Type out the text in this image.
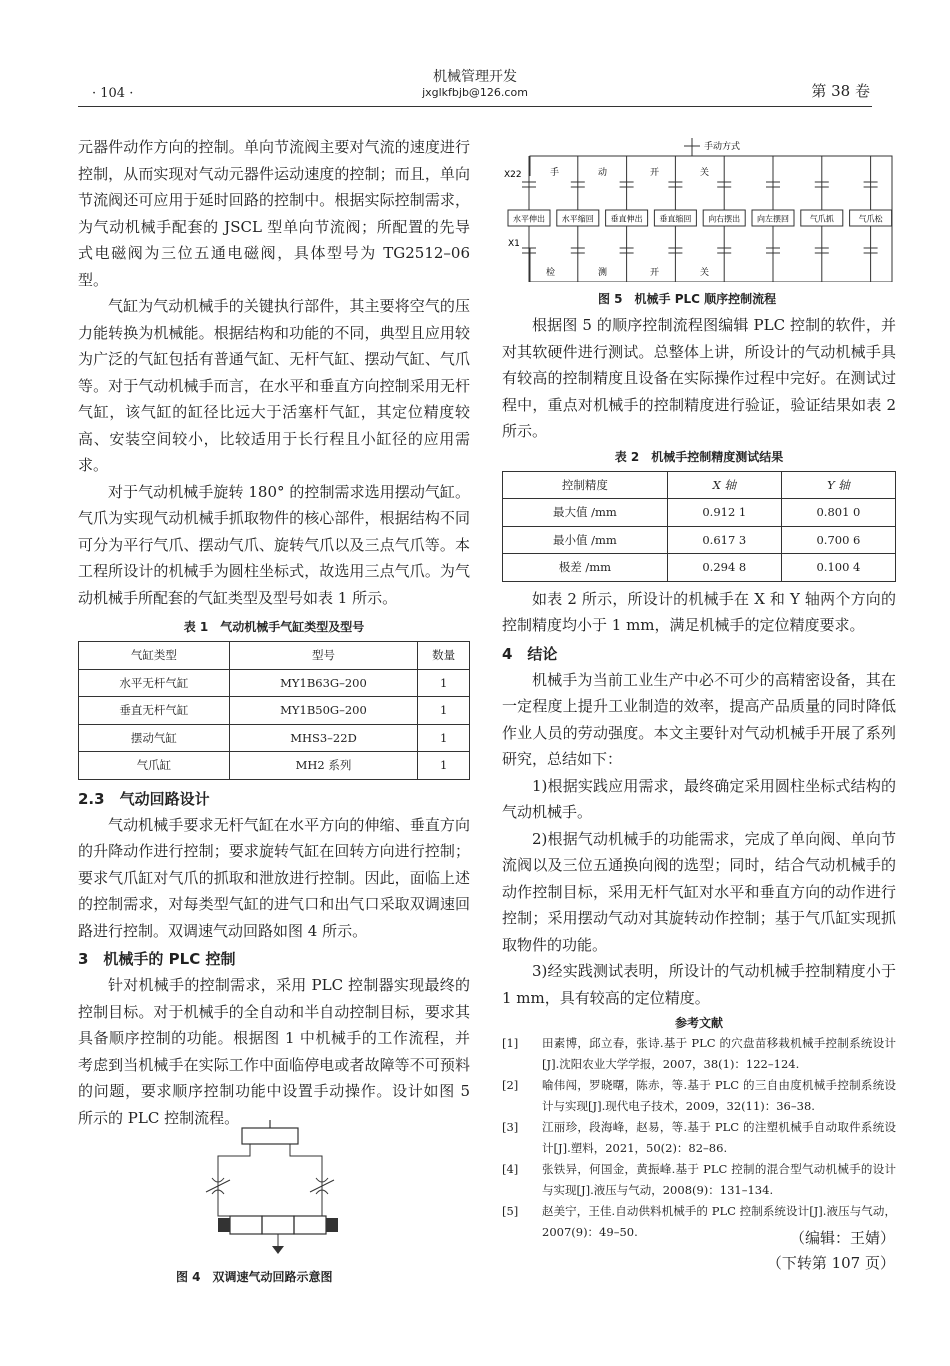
· 104 ·
机械管理开发
jxglkfbjb@126.com	第 38 卷

元器件动作方向的控制。单向节流阀主要对气流的速度进行控制，从而实现对气动元器件运动速度的控制；而且，单向节流阀还可应用于延时回路的控制中。根据实际控制需求，为气动机械手配套的 JSCL 型单向节流阀；所配置的先导式电磁阀为三位五通电磁阀，具体型号为 TG2512–06 型。

气缸为气动机械手的关键执行部件，其主要将空气的压力能转换为机械能。根据结构和功能的不同，典型且应用较为广泛的气缸包括有普通气缸、无杆气缸、摆动气缸、气爪等。对于气动机械手而言，在水平和垂直方向控制采用无杆气缸，该气缸的缸径比远大于活塞杆气缸，其定位精度较高、安装空间较小，比较适用于长行程且小缸径的应用需求。

对于气动机械手旋转 180° 的控制需求选用摆动气缸。气爪为实现气动机械手抓取物件的核心部件，根据结构不同可分为平行气爪、摆动气爪、旋转气爪以及三点气爪等。本工程所设计的机械手为圆柱坐标式，故选用三点气爪。为气动机械手所配套的气缸类型及型号如表 1 所示。

表 1　气动机械手气缸类型及型号
气缸类型	型号	数量
水平无杆气缸	MY1B63G–200	1
垂直无杆气缸	MY1B50G–200	1
摆动气缸	MHS3–22D	1
气爪缸	MH2 系列	1
2.3　气动回路设计

气动机械手要求无杆气缸在水平方向的伸缩、垂直方向的升降动作进行控制；要求旋转气缸在回转方向进行控制；要求气爪缸对气爪的抓取和泄放进行控制。因此，面临上述的控制需求，对每类型气缸的进气口和出气口采取双调速回路进行控制。双调速气动回路如图 4 所示。

3　机械手的 PLC 控制

针对机械手的控制需求，采用 PLC 控制器实现最终的控制目标。对于机械手的全自动和半自动控制目标，要求其具备顺序控制的功能。根据图 1 中机械手的工作流程，并考虑到当机械手在实际工作中面临停电或者故障等不可预料的问题，要求顺序控制功能中设置手动操作。设计如图 5 所示的 PLC 控制流程。

图 4　双调速气动回路示意图
手动方式
X22
X1
手	动	开	关
检	测	开	关
水平伸出 水平缩回 垂直伸出 垂直缩回 向右摆出 向左摆回	气爪抓	气爪松
图 5　机械手 PLC 顺序控制流程

根据图 5 的顺序控制流程图编辑 PLC 控制的软件，并对其软硬件进行测试。总整体上讲，所设计的气动机械手具有较高的控制精度且设备在实际操作过程中完好。在测试过程中，重点对机械手的控制精度进行验证，验证结果如表 2 所示。

表 2　机械手控制精度测试结果
控制精度	X 轴	Y 轴
最大值 /mm	0.912 1	0.801 0
最小值 /mm	0.617 3	0.700 6
极差 /mm	0.294 8	0.100 4

如表 2 所示，所设计的机械手在 X 和 Y 轴两个方向的控制精度均小于 1 mm，满足机械手的定位精度要求。

4　结论

机械手为当前工业生产中必不可少的高精密设备，其在一定程度上提升工业制造的效率，提高产品质量的同时降低作业人员的劳动强度。本文主要针对气动机械手开展了系列研究，总结如下：

1)根据实践应用需求，最终确定采用圆柱坐标式结构的气动机械手。

2)根据气动机械手的功能需求，完成了单向阀、单向节流阀以及三位五通换向阀的选型；同时，结合气动机械手的动作控制目标，采用无杆气缸对水平和垂直方向的动作进行控制；采用摆动气动对其旋转动作控制；基于气爪缸实现抓取物件的功能。

3)经实践测试表明，所设计的气动机械手控制精度小于 1 mm，具有较高的定位精度。

参考文献
[1]	田素博，邱立春，张诗.基于 PLC 的穴盘苗移栽机械手控制系统设计[J].沈阳农业大学学报，2007，38(1)：122–124.
[2]	喻伟闯，罗晓曙，陈赤，等.基于 PLC 的三自由度机械手控制系统设计与实现[J].现代电子技术，2009，32(11)：36–38.
[3]	江丽珍，段海峰，赵易，等.基于 PLC 的注塑机械手自动取件系统设计[J].塑料，2021，50(2)：82–86.
[4]	张铁异，何国金，黄振峰.基于 PLC 控制的混合型气动机械手的设计与实现[J].液压与气动，2008(9)：131–134.
[5]	赵美宁，王佳.自动供料机械手的 PLC 控制系统设计[J].液压与气动，2007(9)：49–50.	（编辑：王婧）
（下转第 107 页）
